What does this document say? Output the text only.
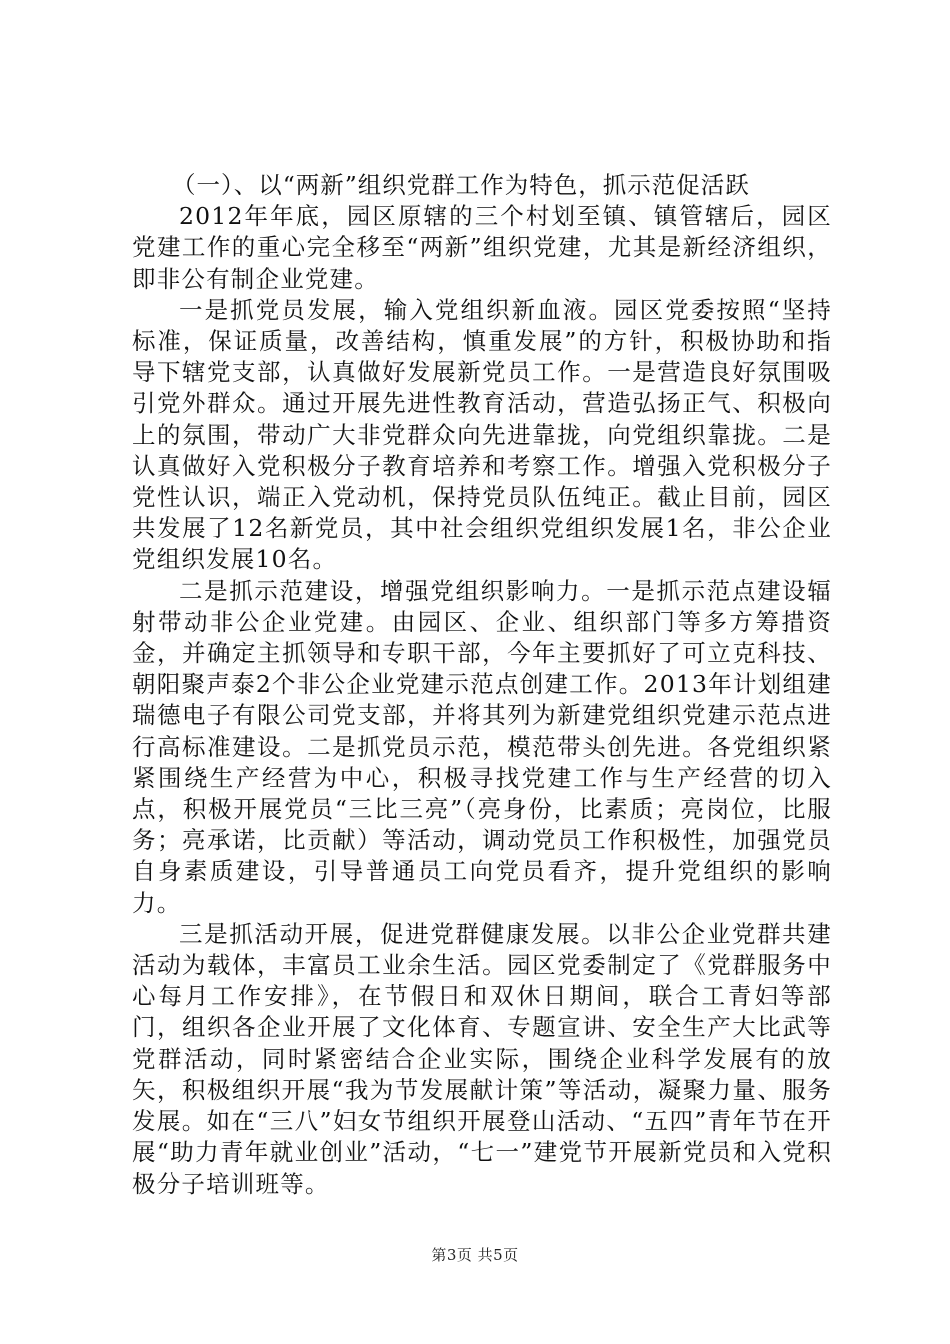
（一）、以“两新”组织党群工作为特色，抓示范促活跃

2012年年底，园区原辖的三个村划至镇、镇管辖后，园区党建工作的重心完全移至“两新”组织党建，尤其是新经济组织，即非公有制企业党建。

一是抓党员发展，输入党组织新血液。园区党委按照“坚持标准，保证质量，改善结构，慎重发展”的方针，积极协助和指导下辖党支部，认真做好发展新党员工作。一是营造良好氛围吸引党外群众。通过开展先进性教育活动，营造弘扬正气、积极向上的氛围，带动广大非党群众向先进靠拢，向党组织靠拢。二是认真做好入党积极分子教育培养和考察工作。增强入党积极分子党性认识，端正入党动机，保持党员队伍纯正。截止目前，园区共发展了12名新党员，其中社会组织党组织发展1名，非公企业党组织发展10名。

二是抓示范建设，增强党组织影响力。一是抓示范点建设辐射带动非公企业党建。由园区、企业、组织部门等多方筹措资金，并确定主抓领导和专职干部，今年主要抓好了可立克科技、朝阳聚声泰2个非公企业党建示范点创建工作。2013年计划组建瑞德电子有限公司党支部，并将其列为新建党组织党建示范点进行高标准建设。二是抓党员示范，模范带头创先进。各党组织紧紧围绕生产经营为中心，积极寻找党建工作与生产经营的切入点，积极开展党员“三比三亮”（亮身份，比素质；亮岗位，比服务；亮承诺，比贡献）等活动，调动党员工作积极性，加强党员自身素质建设，引导普通员工向党员看齐，提升党组织的影响力。

三是抓活动开展，促进党群健康发展。以非公企业党群共建活动为载体，丰富员工业余生活。园区党委制定了《党群服务中心每月工作安排》，在节假日和双休日期间，联合工青妇等部门，组织各企业开展了文化体育、专题宣讲、安全生产大比武等党群活动，同时紧密结合企业实际，围绕企业科学发展有的放矢，积极组织开展“我为节发展献计策”等活动，凝聚力量、服务发展。如在“三八”妇女节组织开展登山活动、“五四”青年节在开展“助力青年就业创业”活动，“七一”建党节开展新党员和入党积极分子培训班等。

第3页 共5页
